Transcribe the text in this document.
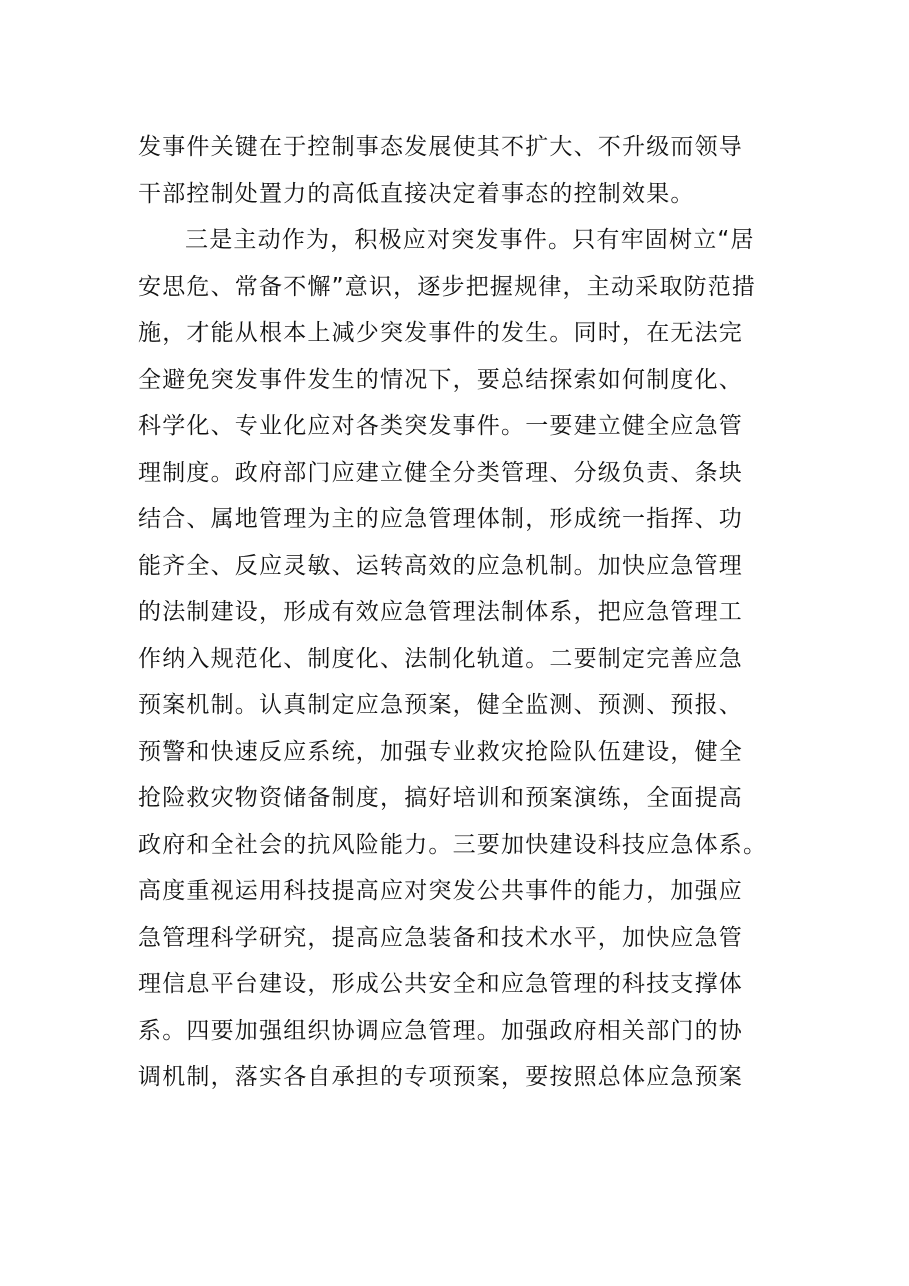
发事件关键在于控制事态发展使其不扩大、不升级而领导
干部控制处置力的高低直接决定着事态的控制效果。
三是主动作为，积极应对突发事件。只有牢固树立“居
安思危、常备不懈”意识，逐步把握规律，主动采取防范措
施，才能从根本上减少突发事件的发生。同时，在无法完
全避免突发事件发生的情况下，要总结探索如何制度化、
科学化、专业化应对各类突发事件。一要建立健全应急管
理制度。政府部门应建立健全分类管理、分级负责、条块
结合、属地管理为主的应急管理体制，形成统一指挥、功
能齐全、反应灵敏、运转高效的应急机制。加快应急管理
的法制建设，形成有效应急管理法制体系，把应急管理工
作纳入规范化、制度化、法制化轨道。二要制定完善应急
预案机制。认真制定应急预案，健全监测、预测、预报、
预警和快速反应系统，加强专业救灾抢险队伍建设，健全
抢险救灾物资储备制度，搞好培训和预案演练，全面提高
政府和全社会的抗风险能力。三要加快建设科技应急体系。
高度重视运用科技提高应对突发公共事件的能力，加强应
急管理科学研究，提高应急装备和技术水平，加快应急管
理信息平台建设，形成公共安全和应急管理的科技支撑体
系。四要加强组织协调应急管理。加强政府相关部门的协
调机制，落实各自承担的专项预案，要按照总体应急预案
